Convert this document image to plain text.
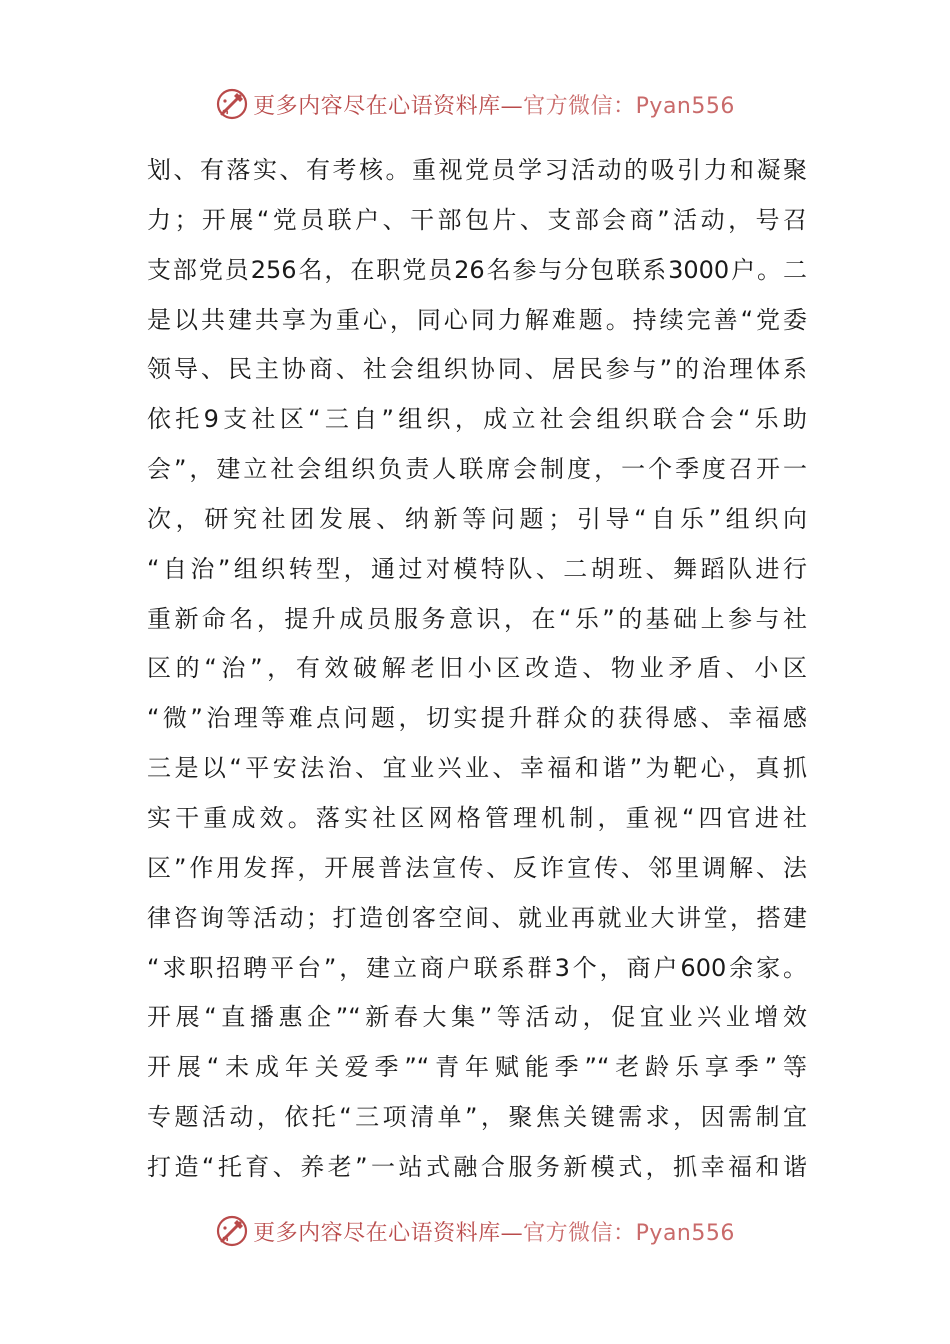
更多内容尽在心语资料库—官方微信：Pyan556
划、有落实、有考核。重视党员学习活动的吸引力和凝聚
力；开展“党员联户、干部包片、支部会商”活动，号召
支部党员256名，在职党员26名参与分包联系3000户。二
是以共建共享为重心，同心同力解难题。持续完善“党委
领导、民主协商、社会组织协同、居民参与”的治理体系
依托9支社区“三自”组织，成立社会组织联合会“乐助
会”，建立社会组织负责人联席会制度，一个季度召开一
次，研究社团发展、纳新等问题；引导“自乐”组织向
“自治”组织转型，通过对模特队、二胡班、舞蹈队进行
重新命名，提升成员服务意识，在“乐”的基础上参与社
区的“治”，有效破解老旧小区改造、物业矛盾、小区
“微”治理等难点问题，切实提升群众的获得感、幸福感
三是以“平安法治、宜业兴业、幸福和谐”为靶心，真抓
实干重成效。落实社区网格管理机制，重视“四官进社
区”作用发挥，开展普法宣传、反诈宣传、邻里调解、法
律咨询等活动；打造创客空间、就业再就业大讲堂，搭建
“求职招聘平台”，建立商户联系群3个，商户600余家。
开展“直播惠企”“新春大集”等活动，促宜业兴业增效
开展“未成年关爱季”“青年赋能季”“老龄乐享季”等
专题活动，依托“三项清单”，聚焦关键需求，因需制宜
打造“托育、养老”一站式融合服务新模式，抓幸福和谐
更多内容尽在心语资料库—官方微信：Pyan556
